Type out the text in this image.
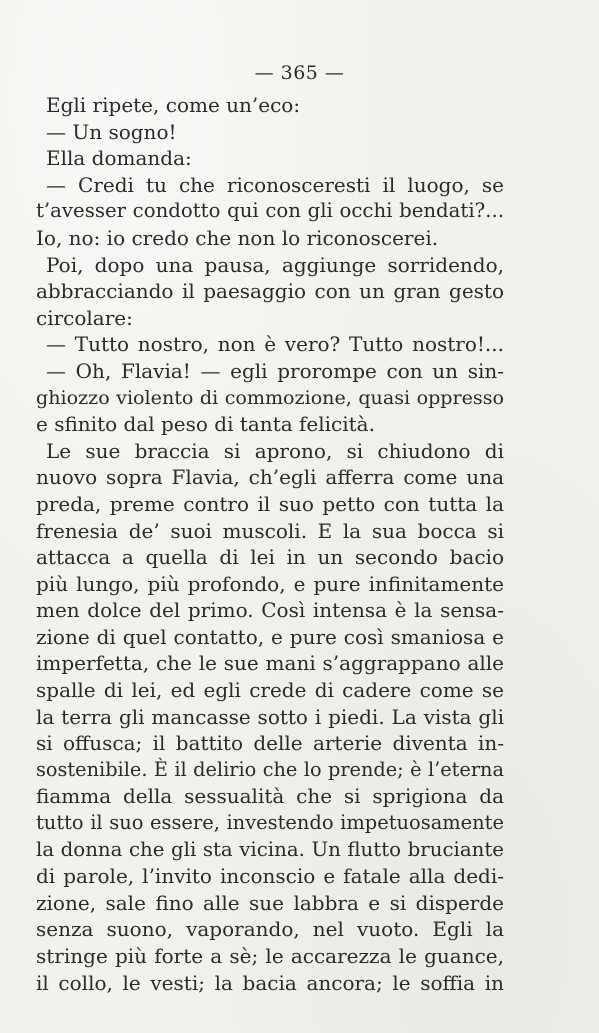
— 365 —
Egli ripete, come un’eco:
— Un sogno!
Ella domanda:
— Credi tu che riconosceresti il luogo, se
t’avesser condotto qui con gli occhi bendati?...
Io, no: io credo che non lo riconoscerei.
Poi, dopo una pausa, aggiunge sorridendo,
abbracciando il paesaggio con un gran gesto
circolare:
— Tutto nostro, non è vero? Tutto nostro!...
— Oh, Flavia! — egli prorompe con un sin-
ghiozzo violento di commozione, quasi oppresso
e sfinito dal peso di tanta felicità.
Le sue braccia si aprono, si chiudono di
nuovo sopra Flavia, ch’egli afferra come una
preda, preme contro il suo petto con tutta la
frenesia de’ suoi muscoli. E la sua bocca si
attacca a quella di lei in un secondo bacio
più lungo, più profondo, e pure infinitamente
men dolce del primo. Così intensa è la sensa-
zione di quel contatto, e pure così smaniosa e
imperfetta, che le sue mani s’aggrappano alle
spalle di lei, ed egli crede di cadere come se
la terra gli mancasse sotto i piedi. La vista gli
si offusca; il battito delle arterie diventa in-
sostenibile. È il delirio che lo prende; è l’eterna
fiamma della sessualità che si sprigiona da
tutto il suo essere, investendo impetuosamente
la donna che gli sta vicina. Un flutto bruciante
di parole, l’invito inconscio e fatale alla dedi-
zione, sale fino alle sue labbra e si disperde
senza suono, vaporando, nel vuoto. Egli la
stringe più forte a sè; le accarezza le guance,
il collo, le vesti; la bacia ancora; le soffia in
